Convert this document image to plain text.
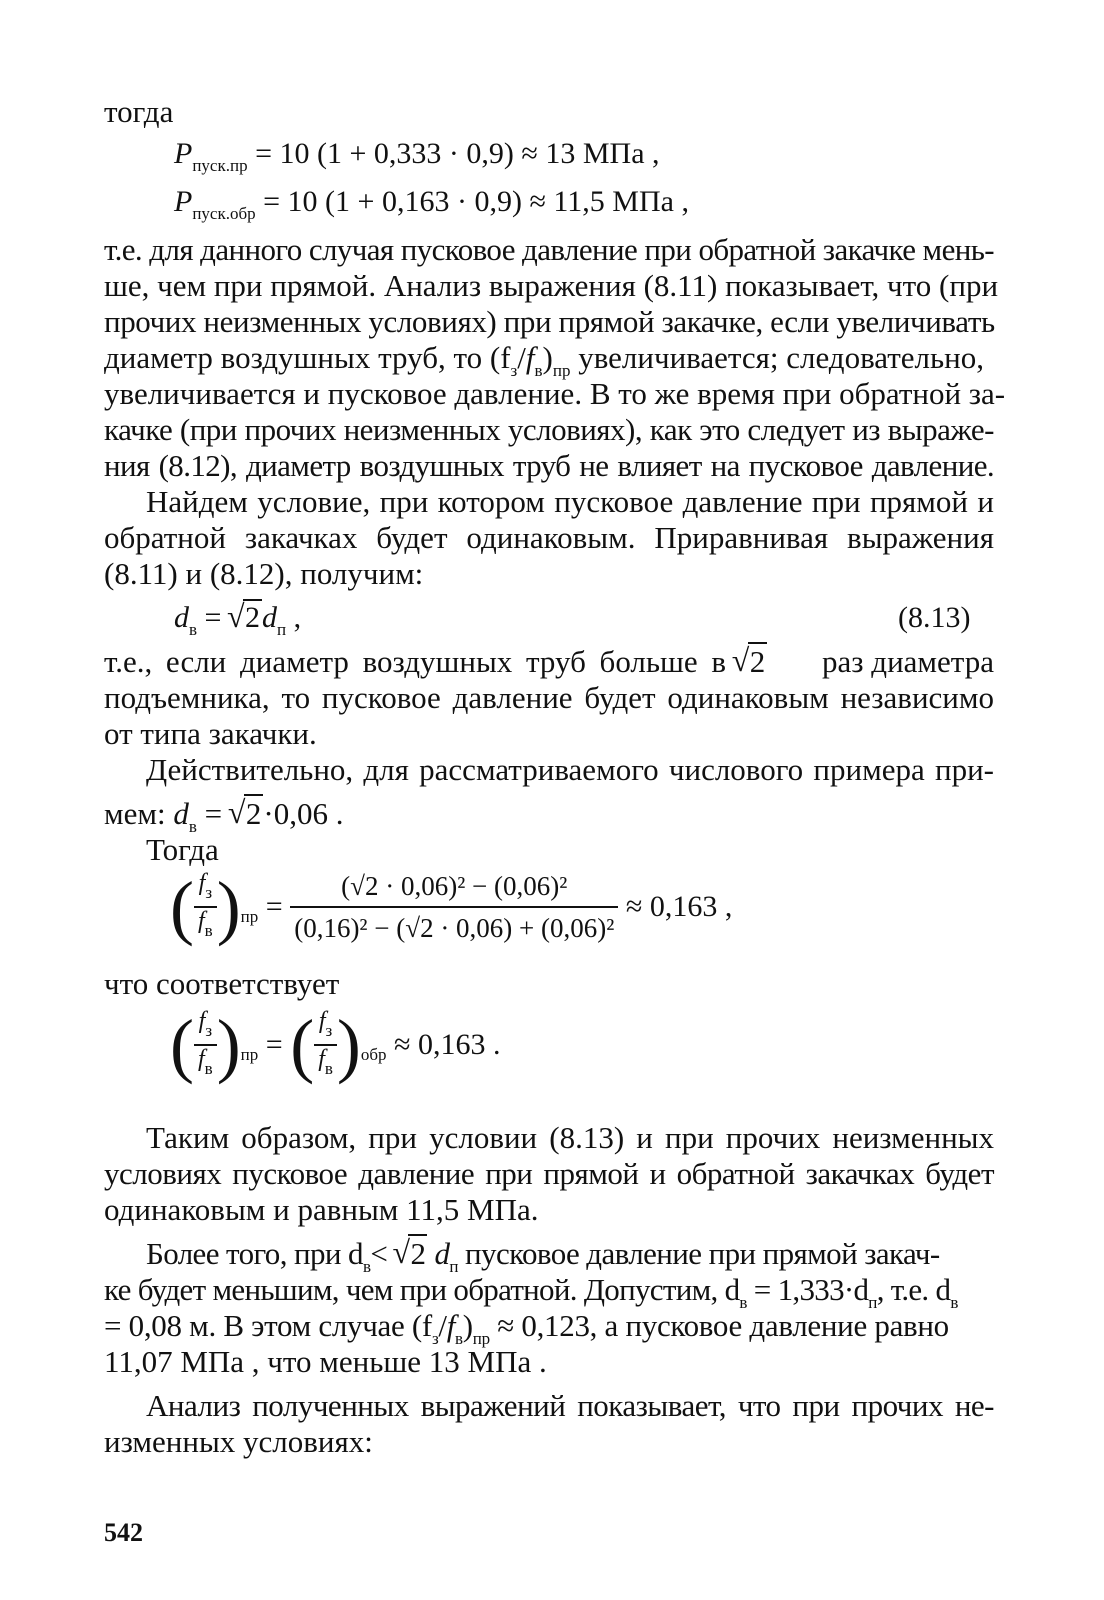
тогда
$P_{пуск.пр} = 10$ (1 + 0,333 · 0,9) ≈ 13 МПа ,
$P_{пуск.обр} = 10$ (1 + 0,163 · 0,9) ≈ 11,5 МПа ,
т.е. для данного случая пусковое давление при обратной закачке мень-
ше, чем при прямой. Анализ выражения (8.11) показывает, что (при
прочих неизменных условиях) при прямой закачке, если увеличивать
диаметр воздушных труб, то $(f_з/f_в)_{пр}$ увеличивается; следовательно,
увеличивается и пусковое давление. В то же время при обратной за-
качке (при прочих неизменных условиях), как это следует из выраже-
ния (8.12), диаметр воздушных труб не влияет на пусковое давление.
Найдем условие, при котором пусковое давление при прямой и
обратной закачках будет одинаковым. Приравнивая выражения
(8.11) и (8.12), получим:
$d_в$ = √ $2d_п$ ,	(8.13)
т.е., если диаметр воздушных труб больше в √ 2 раз диаметра
подъемника, то пусковое давление будет одинаковым независимо
от типа закачки.
Действительно, для рассматриваемого числового примера при-
мем: $d_в$ = √ 2·0,06 .
Тогда
( $\frac{f_з}{f_в} )_{пр} = \frac{\text{(√2 · 0,06)² − (0,06)²}}{\text{(0,16)² − (√2 · 0,06) + (0,06)²}} \approx 0,163$ ,
что соответствует
( $\frac{f_з}{f_в} )_{пр}$ = ( $\frac{f_з}{f_в} )_{обр} \approx 0,163$ .
Таким образом, при условии (8.13) и при прочих неизменных
условиях пусковое давление при прямой и обратной закачках будет
одинаковым и равным 11,5 МПа.
Более того, при $d_в<$ √ 2 $d_п$ пусковое давление при прямой закач-
ке будет меньшим, чем при обратной. Допустим, $d_в = 1,333\cdot d_п$, т.е. $d_в$
= 0,08 м. В этом случае $(f_з/f_в)_{пр} \approx 0,123$, а пусковое давление равно
11,07 МПа , что меньше 13 МПа .
Анализ полученных выражений показывает, что при прочих не-
изменных условиях:
542
